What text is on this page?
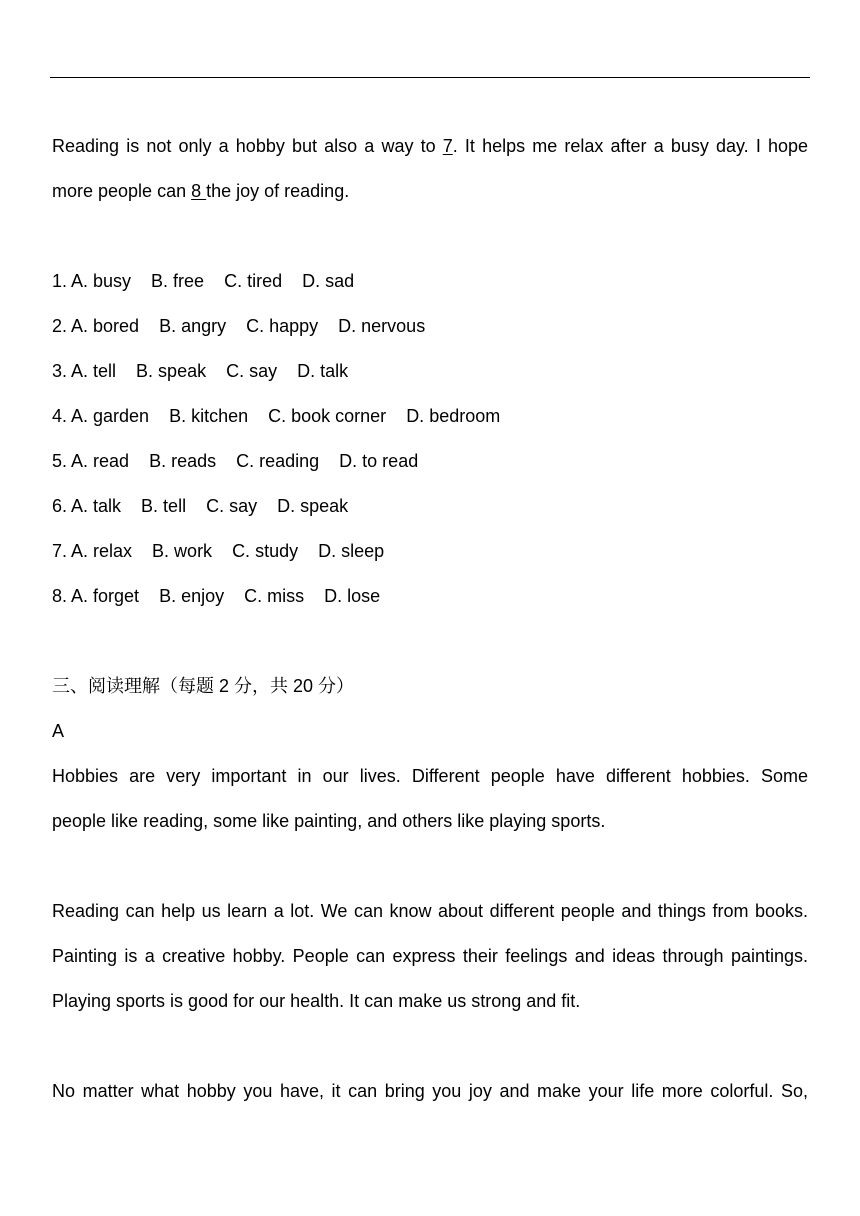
Reading is not only a hobby but also a way to 7. It helps me relax after a busy day. I hope
more people can 8 the joy of reading.
1. A. busy B. free C. tired D. sad
2. A. bored B. angry C. happy D. nervous
3. A. tell B. speak C. say D. talk
4. A. garden B. kitchen C. book corner D. bedroom
5. A. read B. reads C. reading D. to read
6. A. talk B. tell C. say D. speak
7. A. relax B. work C. study D. sleep
8. A. forget B. enjoy C. miss D. lose
三、阅读理解（每题 2 分，共 20 分）
A
Hobbies are very important in our lives. Different people have different hobbies. Some
people like reading, some like painting, and others like playing sports.
Reading can help us learn a lot. We can know about different people and things from books.
Painting is a creative hobby. People can express their feelings and ideas through paintings.
Playing sports is good for our health. It can make us strong and fit.
No matter what hobby you have, it can bring you joy and make your life more colorful. So,
